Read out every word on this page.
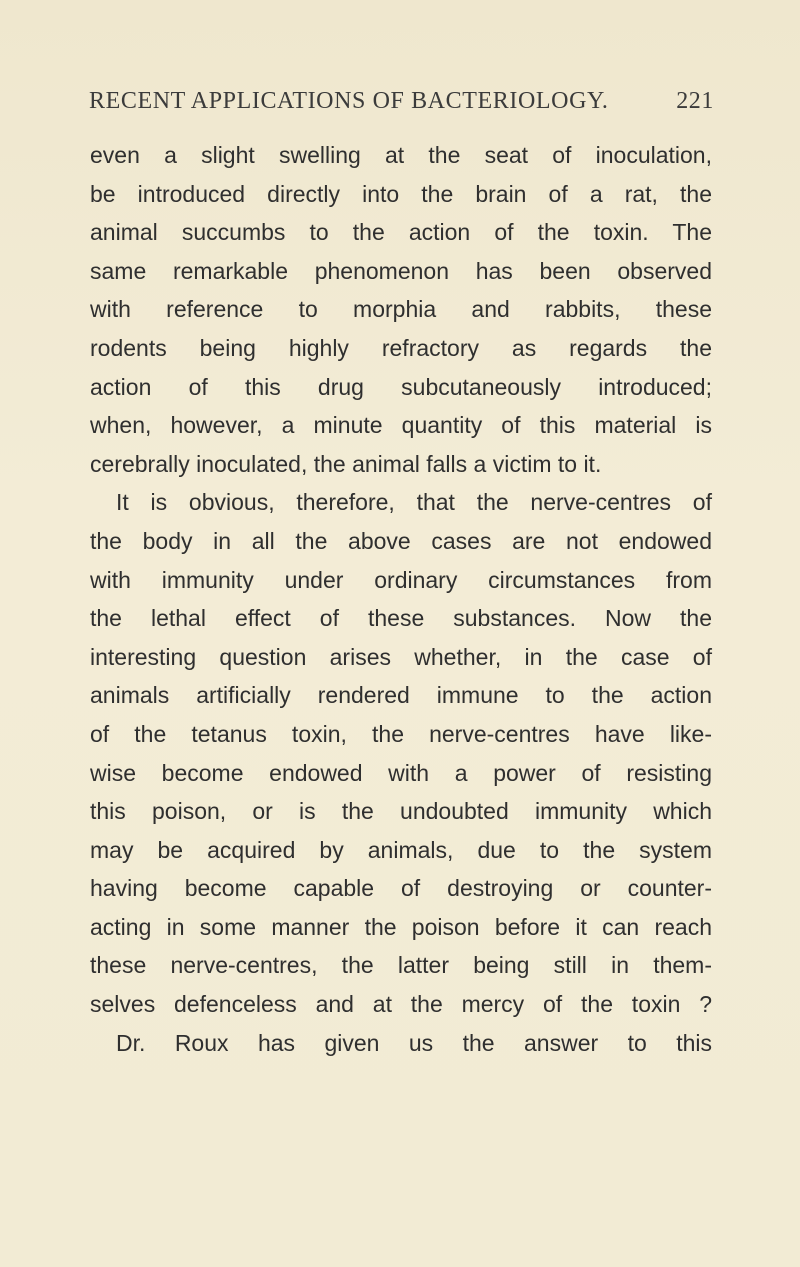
RECENT APPLICATIONS OF BACTERIOLOGY.	221
even a slight swelling at the seat of inoculation,
be introduced directly into the brain of a rat, the
animal succumbs to the action of the toxin. The
same remarkable phenomenon has been observed
with reference to morphia and rabbits, these
rodents being highly refractory as regards the
action of this drug subcutaneously introduced;
when, however, a minute quantity of this material is
cerebrally inoculated, the animal falls a victim to it.
It is obvious, therefore, that the nerve-centres of
the body in all the above cases are not endowed
with immunity under ordinary circumstances from
the lethal effect of these substances. Now the
interesting question arises whether, in the case of
animals artificially rendered immune to the action
of the tetanus toxin, the nerve-centres have like-
wise become endowed with a power of resisting
this poison, or is the undoubted immunity which
may be acquired by animals, due to the system
having become capable of destroying or counter-
acting in some manner the poison before it can reach
these nerve-centres, the latter being still in them-
selves defenceless and at the mercy of the toxin ?
Dr. Roux has given us the answer to this
